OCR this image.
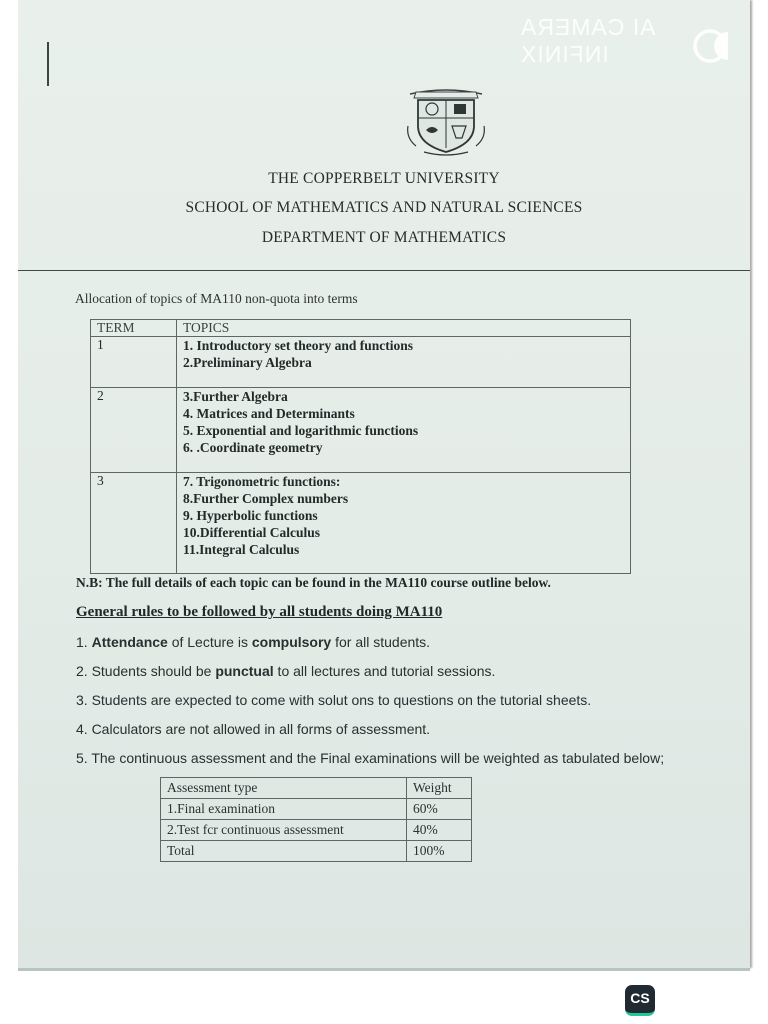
AI CAMERA
INFINIX
THE COPPERBELT UNIVERSITY
SCHOOL OF MATHEMATICS AND NATURAL SCIENCES
DEPARTMENT OF MATHEMATICS
Allocation of topics of MA110 non-quota into terms
TERM	TOPICS
1	1. Introductory set theory and functions
2.Preliminary Algebra

2	3.Further Algebra
4. Matrices and Determinants
5. Exponential and logarithmic functions
6. .Coordinate geometry

3	7. Trigonometric functions:
8.Further Complex numbers
9. Hyperbolic functions
10.Differential Calculus
11.Integral Calculus
N.B: The full details of each topic can be found in the MA110 course outline below.
General rules to be followed by all students doing MA110
1. Attendance of Lecture is compulsory for all students.
2. Students should be punctual to all lectures and tutorial sessions.
3. Students are expected to come with solut ons to questions on the tutorial sheets.
4. Calculators are not allowed in all forms of assessment.
5. The continuous assessment and the Final examinations will be weighted as tabulated below;
Assessment type	Weight
1.Final examination	60%
2.Test fcr continuous assessment	40%
Total	100%
CS
